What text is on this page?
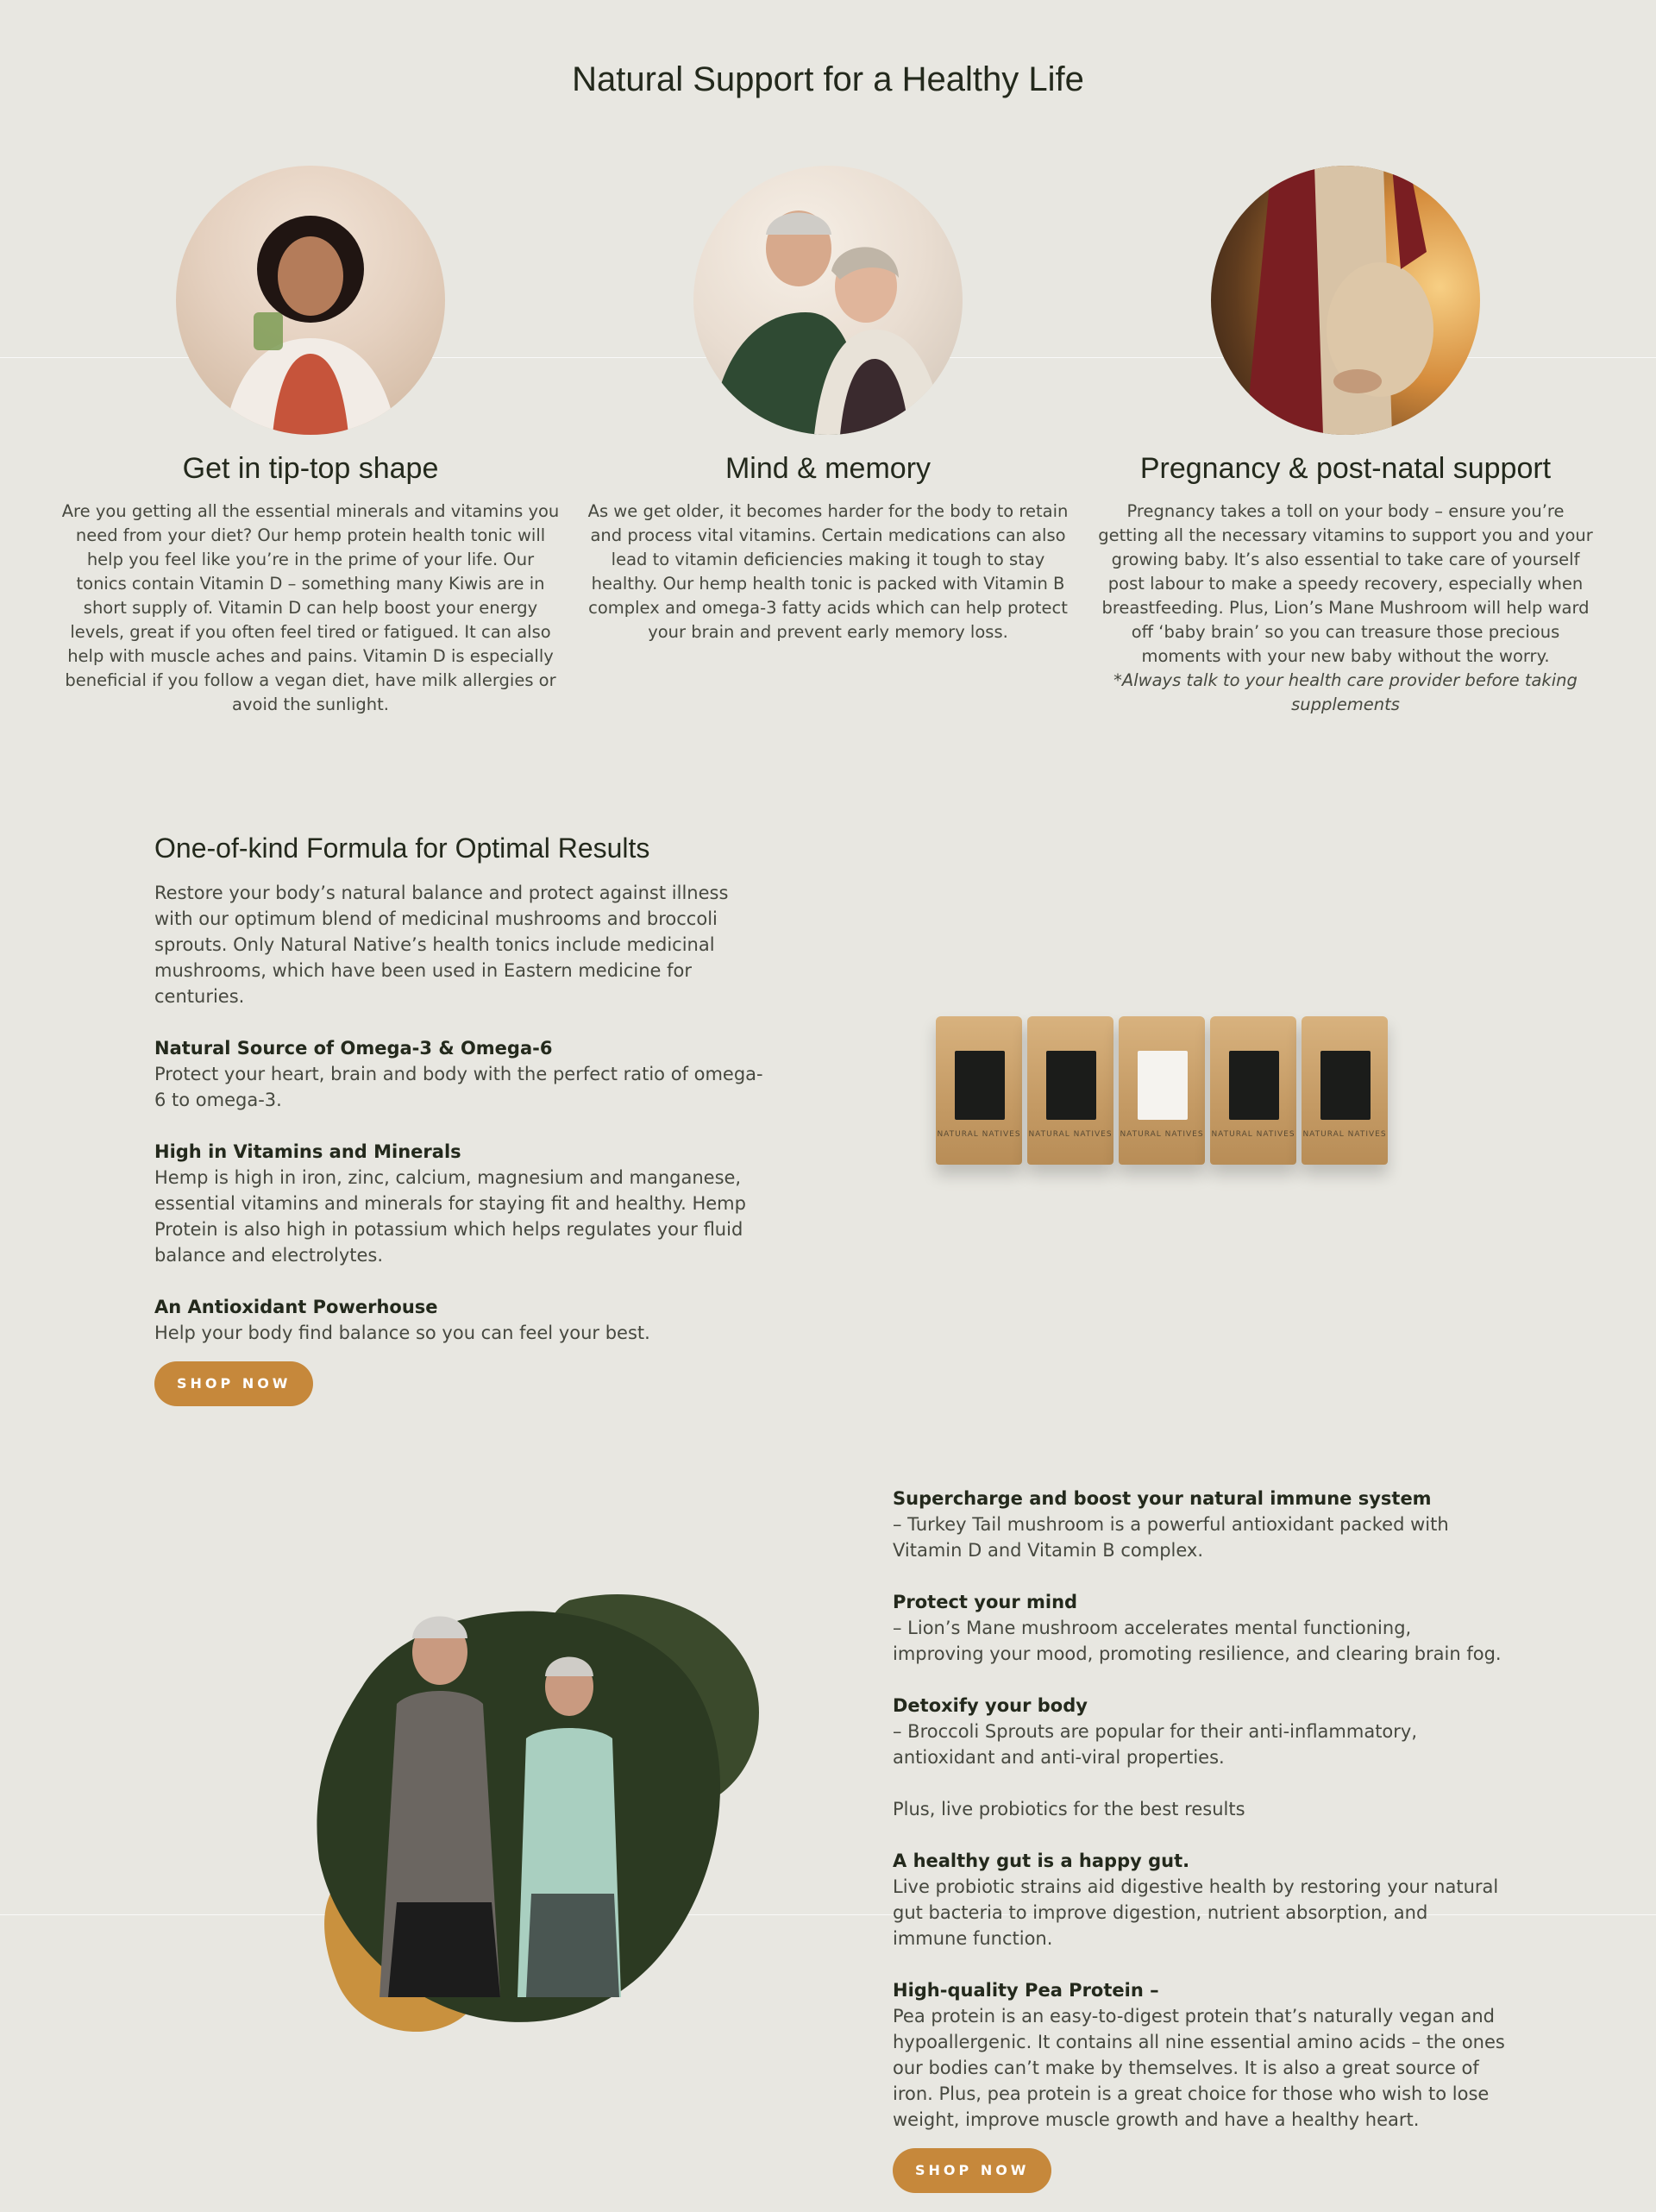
Natural Support for a Healthy Life
Get in tip-top shape

Are you getting all the essential minerals and vitamins you need from your diet? Our hemp protein health tonic will help you feel like you’re in the prime of your life. Our tonics contain Vitamin D – something many Kiwis are in short supply of. Vitamin D can help boost your energy levels, great if you often feel tired or fatigued. It can also help with muscle aches and pains. Vitamin D is especially beneficial if you follow a vegan diet, have milk allergies or avoid the sunlight.

Mind & memory

As we get older, it becomes harder for the body to retain and process vital vitamins. Certain medications can also lead to vitamin deficiencies making it tough to stay healthy. Our hemp health tonic is packed with Vitamin B complex and omega-3 fatty acids which can help protect your brain and prevent early memory loss.

Pregnancy & post-natal support

Pregnancy takes a toll on your body – ensure you’re getting all the necessary vitamins to support you and your growing baby. It’s also essential to take care of yourself post labour to make a speedy recovery, especially when breastfeeding. Plus, Lion’s Mane Mushroom will help ward off ‘baby brain’ so you can treasure those precious moments with your new baby without the worry.

*Always talk to your health care provider before taking supplements

One-of-kind Formula for Optimal Results

Restore your body’s natural balance and protect against illness with our optimum blend of medicinal mushrooms and broccoli sprouts. Only Natural Native’s health tonics include medicinal mushrooms, which have been used in Eastern medicine for centuries.

Natural Source of Omega-3 & Omega-6
Protect your heart, brain and body with the perfect ratio of omega-6 to omega-3.

High in Vitamins and Minerals
Hemp is high in iron, zinc, calcium, magnesium and manganese, essential vitamins and minerals for staying fit and healthy. Hemp Protein is also high in potassium which helps regulates your fluid balance and electrolytes.

An Antioxidant Powerhouse
Help your body find balance so you can feel your best.

SHOP NOW
NATURAL NATIVES NATURAL NATIVES NATURAL NATIVES NATURAL NATIVES NATURAL NATIVES

Supercharge and boost your natural immune system
– Turkey Tail mushroom is a powerful antioxidant packed with Vitamin D and Vitamin B complex.

Protect your mind
– Lion’s Mane mushroom accelerates mental functioning, improving your mood, promoting resilience, and clearing brain fog.

Detoxify your body
– Broccoli Sprouts are popular for their anti-inflammatory, antioxidant and anti-viral properties.

Plus, live probiotics for the best results

A healthy gut is a happy gut.
Live probiotic strains aid digestive health by restoring your natural gut bacteria to improve digestion, nutrient absorption, and immune function.

High-quality Pea Protein –
Pea protein is an easy-to-digest protein that’s naturally vegan and hypoallergenic. It contains all nine essential amino acids – the ones our bodies can’t make by themselves. It is also a great source of iron. Plus, pea protein is a great choice for those who wish to lose weight, improve muscle growth and have a healthy heart.

SHOP NOW
